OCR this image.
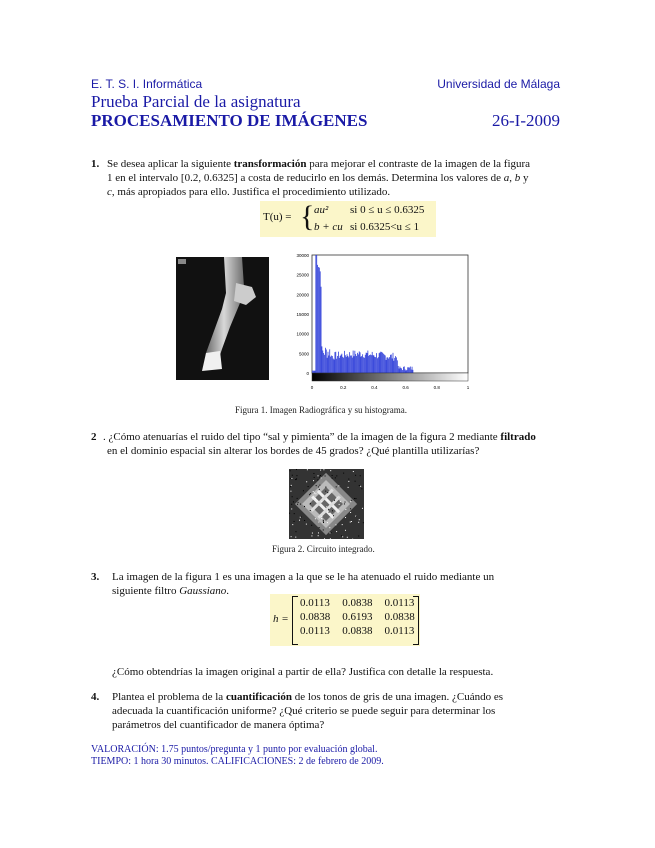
E. T. S. I. Informática	Universidad de Málaga
Prueba Parcial de la asignatura
PROCESAMIENTO DE IMÁGENES	26-I-2009
1. Se desea aplicar la siguiente transformación para mejorar el contraste de la imagen de la figura
1 en el intervalo [0.2, 0.6325] a costa de reducirlo en los demás. Determina los valores de a, b y
c, más apropiados para ello. Justifica el procedimiento utilizado.
T(u) = { au² si 0 ≤ u ≤ 0.6325
b + cu si 0.6325<u ≤ 1
30000
25000
20000
15000
10000
5000
0
0	0.2	0.4	0.6	0.8	1
Figura 1. Imagen Radiográfica y su histograma.
2 . ¿Cómo atenuarías el ruido del tipo “sal y pimienta” de la imagen de la figura 2 mediante filtrado
en el dominio espacial sin alterar los bordes de 45 grados? ¿Qué plantilla utilizarías?
Figura 2. Circuito integrado.
3. La imagen de la figura 1 es una imagen a la que se le ha atenuado el ruido mediante un
siguiente filtro Gaussiano.
h =
0.0113	0.0838	0.0113
0.0838	0.6193	0.0838
0.0113	0.0838	0.0113
¿Cómo obtendrías la imagen original a partir de ella? Justifica con detalle la respuesta.
4. Plantea el problema de la cuantificación de los tonos de gris de una imagen. ¿Cuándo es
adecuada la cuantificación uniforme? ¿Qué criterio se puede seguir para determinar los
parámetros del cuantificador de manera óptima?
VALORACIÓN: 1.75 puntos/pregunta y 1 punto por evaluación global.
TIEMPO: 1 hora 30 minutos. CALIFICACIONES: 2 de febrero de 2009.
